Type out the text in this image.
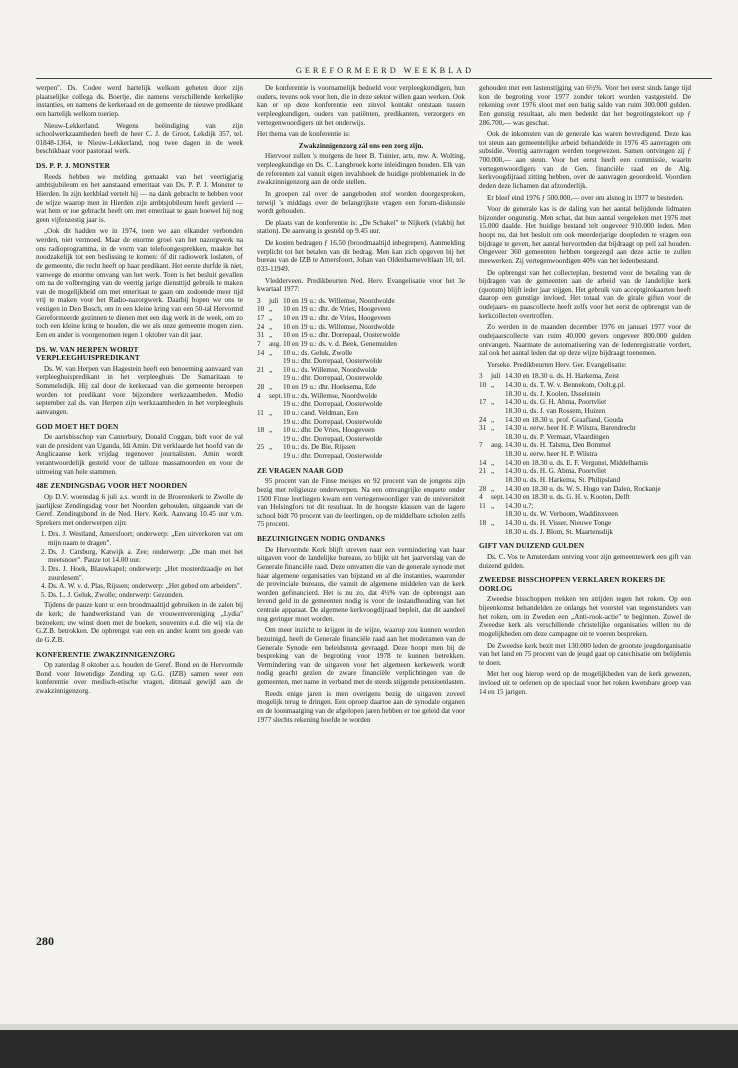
GEREFORMEERD WEEKBLAD

werpen". Ds. Codee werd hartelijk welkom geheten door zijn plaatselijke collega ds. Boertje, die namens verschillende kerkelijke instanties, en namens de kerkeraad en de gemeente de nieuwe predikant een hartelijk welkom toeriep.

Nieuw-Lekkerland. Wegens beëindiging van zijn schoolwerkzaamheden heeft de heer C. J. de Groot, Lekdijk 357, tel. 01848-1364, te Nieuw-Lekkerland, nog twee dagen in de week beschikbaar voor pastoraal werk.

DS. P. P. J. MONSTER

Reeds hebben we melding gemaakt van het veertigjarig ambtsjubileum en het aanstaand emeritaat van Ds. P. P. J. Monster te Hierden. In zijn kerkblad vertelt hij — na dank gebracht te hebben voor de wijze waarop men in Hierden zijn ambtsjubileum heeft gevierd — wat hem er toe gebracht heeft om met emeritaat te gaan hoewel hij nog geen vijfenzestig jaar is.

„Ook dit hadden we in 1974, toen we aan elkander verbonden werden, niet vermoed. Maar de enorme groei van het nazorgwerk na ons radioprogramma, in de vorm van telefoongesprekken, maakte het noodzakelijk tot een beslissing te komen: óf dit radiowerk loslaten, of de gemeente, die recht heeft op haar predikant. Het eerste durfde ik niet, vanwege de enorme omvang van het werk. Toen is het besluit gevallen om na de volbrenging van de veertig jarige diensttijd gebruik te maken van de mogelijkheid om met emeritaat te gaan om zodoende meer tijd vrij te maken voor het Radio-nazorgwerk. Daarbij hopen we ons te vestigen in Den Bosch, om in een kleine kring van een 50-tal Hervormd Gereformeerde gezinnen te dienen met een dag werk in de week, om zo toch een kleine kring te houden, die we als onze gemeente mogen zien. Een en ander is voorgenomen tegen 1 oktober van dit jaar.

DS. W. VAN HERPEN WORDT VERPLEEGHUISPREDIKANT

Ds. W. van Herpen van Hagestein heeft een benoeming aanvaard van verpleeghuispredikant in het verpleeghuis De Samaritaan te Sommelsdijk. Hij zal door de kerkeraad van die gemeente beroepen worden tot predikant voor bijzondere werkzaamheden. Medio september zal ds. van Herpen zijn werkzaamheden in het verpleeghuis aanvangen.

GOD MOET HET DOEN

De aartsbisschop van Canterbury, Donald Coggan, bidt voor de val van de president van Uganda, Idi Amin. Dit verklaarde het hoofd van de Anglicaanse kerk vrijdag tegenover journalisten. Amin wordt verantwoordelijk gesteld voor de talloze massamoorden en voor de uitroeing van hele stammen.

48E ZENDINGSDAG VOOR HET NOORDEN

Op D.V. woensdag 6 juli a.s. wordt in de Broerenkerk te Zwolle de jaarlijkse Zendingsdag voor het Noorden gehouden, uitgaande van de Geref. Zendingsbond in de Ned. Herv. Kerk. Aanvang 10.45 uur v.m. Sprekers met onderwerpen zijn:

1. Drs. J. Westland, Amersfoort; onderwerp: „Een uitverkoren vat om mijn naam te dragen".
2. Ds. J. Catsburg, Katwijk a. Zee; onderwerp: „De man met het meetsnoer". Pauze tot 14.00 uur.
3. Drs. J. Hoek, Blauwkapel; onderwerp: „Het mosterdzaadje en het zuurdesem".
4. Ds. A. W. v. d. Plas, Rijssen; onderwerp: „Het gebed om arbeiders".
5. Ds. L. J. Geluk, Zwolle; onderwerp: Gezonden.

Tijdens de pauze kunt u: een broodmaaltijd gebruiken in de zalen bij de kerk; de handwerkstand van de vrouwenvereniging „Lydia" bezoeken; uw winst doen met de boeken, souvenirs e.d. die wij via de G.Z.B. betrokken. De opbrengst van een en ander komt ten goede van de G.Z.B.

KONFERENTIE ZWAKZINNIGENZORG

Op zaterdag 8 oktober a.s. houden de Geref. Bond en de Hervormde Bond voor Inwendige Zending op G.G. (IZB) samen weer een konferentie over medisch-etische vragen, ditmaal gewijd aan de zwakzinnigenzorg.

De konferentie is voornamelijk bedoeld voor verpleegkundigen, hun ouders, tevens ook voor hen, die in deze sektor willen gaan werken. Ook kan er op deze konferentie een zinvol kontakt ontstaan tussen verpleegkundigen, ouders van patiënten, predikanten, verzorgers en vertegenwoordigers uit het onderwijs.

Het thema van de konferentie is:

Zwakzinnigenzorg zál ons een zorg zijn.

Hiervoor zullen 's morgens de heer B. Tuinier, arts, mw. A. Wolting, verpleegkundige en Ds. C. Langbroek korte inleidingen houden. Elk van de referenten zal vanuit eigen invalshoek de huidige problematiek in de zwakzinnigenzorg aan de orde stellen.

In groepen zal over de aangeboden stof worden doorgesproken, terwijl 's middags over de belangrijkste vragen een forum-diskussie wordt gehouden.

De plaats van de konferentie is: „De Schakel" te Nijkerk (vlakbij het station). De aanvang is gesteld op 9.45 uur.

De kosten bedragen ƒ 16.50 (broodmaaltijd inbegrepen). Aanmelding verplicht tot het betalen van dit bedrag. Men kan zich opgeven bij het bureau van de IZB te Amersfoort, Johan van Oldenbarneveltlaan 10, tel. 033-11949.

Vledderveen. Predikbeurten Ned. Herv. Evangelisatie voor het 3e kwartaal 1977:

3	juli	10 en 19 u.: ds. Willemse, Noordwolde
10	„	10 en 19 u.: dhr. de Vries, Hoogeveen
17	„	10 en 19 u.: dhr. de Vries, Hoogeveen
24	„	10 en 19 u.: ds. Willemse, Noordwolde
31	„	10 en 19 u.: dhr. Dorrepaal, Oosterwolde
7	aug.	10 en 19 u.: ds. v. d. Beek, Genemuiden
14	„	10 u.: ds. Geluk, Zwolle
		19 u.: dhr. Dorrepaal, Oosterwolde
21	„	10 u.: ds. Willemse, Noordwolde
		19 u.: dhr. Dorrepaal, Oosterwolde
28	„	10 en 19 u.: dhr. Hoeksema, Ede
4	sept.	10 u.: ds. Willemse, Noordwolde
		19 u.: dhr. Dorrepaal, Oosterwolde
11	„	10 u.: cand. Veldman, Een
		19 u.: dhr. Dorrepaal, Oosterwolde
18	„	10 u.: dhr. De Vries, Hoogeveen
		19 u.: dhr. Dorrepaal, Oosterwolde
25	„	10 u.: ds. De Bie, Rijssen
		19 u.: dhr. Dorrepaal, Oosterwolde
ZE VRAGEN NAAR GOD

95 procent van de Finse meisjes en 92 procent van de jongens zijn bezig met religieuze onderwerpen. Na een omvangrijke enquete onder 1500 Finse leerlingen kwam een vertegenwoordiger van de universiteit van Helsingfors tot dit resultaat. In de hoogste klassen van de lagere school bidt 70 procent van de leerlingen, op de middelbare scholen zelfs 75 procent.

BEZUINIGINGEN NODIG ONDANKS

De Hervormde Kerk blijft streven naar een vermindering van haar uitgaven voor de landelijke bureaus, zo blijkt uit het jaarverslag van de Generale financiële raad. Deze omvatten die van de generale synode met haar algemene organisaties van bijstand en al die instanties, waaronder de provinciale bureaus, die vanuit de algemene middelen van de kerk worden gefinancierd. Het is nu zo, dat 4½% van de opbrengst aan levend geld in de gemeenten nodig is voor de instandhouding van het centrale apparaat. De algemene kerkvoogdijraad bepleit, dat dit aandeel nog geringer moet worden.

Om meer inzicht te krijgen in de wijze, waarop zou kunnen worden bezuinigd, heeft de Generale financiële raad aan het moderamen van de Generale Synode een beleidsnota gevraagd. Deze hoopt men bij de bespreking van de begroting voor 1978 te kunnen betrekken. Vermindering van de uitgaven voor het algemeen kerkewerk wordt nodig geacht gezien de zware financiële verplichtingen van de gemeenten, met name in verband met de steeds stijgende pensioenlasten.

Reeds enige jaren is men overigens bezig de uitgaven zoveel mogelijk terug te dringen. Een oproep daartoe aan de synodale organen en de loonmaatging van de afgelopen jaren hebben er toe geleid dat voor 1977 slechts rekening hoefde te worden

gehouden met een lastenstijging van 6½%. Voor het eerst sinds lange tijd kon de begroting voor 1977 zonder tekort worden vastgesteld. De rekening over 1976 sloot met een batig saldo van ruim 300.000 gulden. Een gunstig resultaat, als men bedenkt dat het begrotingstekort op ƒ 286.700,— was geschat.

Ook de inkomsten van de generale kas waren bevredigend. Deze kas tot steun aan gemeentelijke arbeid behandelde in 1976 45 aanvragen om subsidie. Veertig aanvragen werden toegewezen. Samen ontvingen zij ƒ 700.000,— aan steun. Voor het eerst heeft een commissie, waarin vertegenwoordigers van de Gen. financiële raad en de Alg. kerkvoogdijraad zitting hebben, over de aanvragen geoordeeld. Voordien deden deze lichamen dat afzonderlijk.

Er bleef eind 1976 ƒ 500.000,— over om alsnog in 1977 te besteden.

Voor de generale kas is de daling van het aantal belijdende lidmaten bijzonder ongunstig. Men schat, dat hun aantal vergeleken met 1976 met 15.000 daalde. Het huidige bestand telt ongeveer 910.000 leden. Men hoopt nu, dat het besluit om ook meerderjarige doopleden te vragen een bijdrage te geven, het aantal hervormden dat bijdraagt op peil zal houden. Ongeveer 360 gemeenten hebben toegezegd aan deze actie te zullen meewerken. Zij vertegenwoordigen 40% van het ledenbestand.

De opbrengst van het collecteplan, bestemd voor de betaling van de bijdragen van de gemeenten aan de arbeid van de landelijke kerk (quotum) blijft ieder jaar stijgen. Het gebruik van acceptgirokaarten heeft daarop een gunstige invloed. Het totaal van de girale giften voor de oudejaars- en paascollecte heeft zelfs voor het eerst de opbrengst van de kerkcollecten overtroffen.

Zo werden in de maanden december 1976 en januari 1977 voor de oudejaarscollecte van ruim 40.000 gevers ongeveer 800.000 gulden ontvangen. Naarmate de automatisering van de ledenregistratie vordert, zal ook het aantal leden dat op deze wijze bijdraagt toenemen.

Yerseke. Predikbeurten Herv. Ger. Evangelisatie:

3	juli	14.30 en 18.30 u. ds. H. Harkema, Zeist
10	„	14.30 u. ds. T. W. v. Bennekom, Oolt.g.pl.
		18.30 u. ds. J. Koolen, IJsselstein
17	„	14.30 u. ds. G. H. Abma, Poortvliet
		18.30 u. ds. J. van Rossem, Huizen
24	„	14.30 en 18.30 u. prof. Graafland, Gouda
31	„	14.30 u. eerw. heer H. P. Wilstra, Barendrecht
		18.30 u. ds. P. Vermaat, Vlaardingen
7	aug.	14.30 u. ds. H. Talsma, Den Bommel
		18.30 u. eerw. heer H. P. Wilstra
14	„	14.30 en 18.30 u. ds. E. F. Vergunst, Middelharnis
21	„	14.30 u. ds. H. G. Abma, Poortvliet
		18.30 u. ds. H. Harkema, St. Philipsland
28	„	14.30 en 18.30 u. ds. W. S. Hugo van Dalen, Rockanje
4	sept.	14.30 en 18.30 u. ds. G. H. v. Kooten, Delft
11	„	14.30 u.?;
		18.30 u. ds. W. Verboom, Waddinxveen
18	„	14.30 u. ds. H. Visser, Nieuwe Tonge
		18.30 u. ds. J. Blom, St. Maartensdijk
GIFT VAN DUIZEND GULDEN

Ds. C. Vos te Amsterdam ontving voor zijn gemeentewerk een gift van duizend gulden.

ZWEEDSE BISSCHOPPEN VERKLAREN ROKERS DE OORLOG

Zweedse bisschoppen trekken ten strijden tegen het roken. Op een bijeenkomst behandelden ze onlangs het voorstel van tegenstanders van het roken, om in Zweden een „Anti-rook-actie" te beginnen. Zowel de Zweedse kerk als verschillende christelijke organisaties willen nu de mogelijkheden om deze campagne uit te voeren bespreken.

De Zweedse kerk bezit met 130.000 leden de grootste jeugdorganisatie van het land en 75 procent van de jeugd gaat op catechisatie om belijdenis te doen.

Met het oog hierop werd op de mogelijkheden van de kerk gewezen, invloed uit te oefenen op de speciaal voor het roken kwetsbare groep van 14 en 15 jarigen.

280
